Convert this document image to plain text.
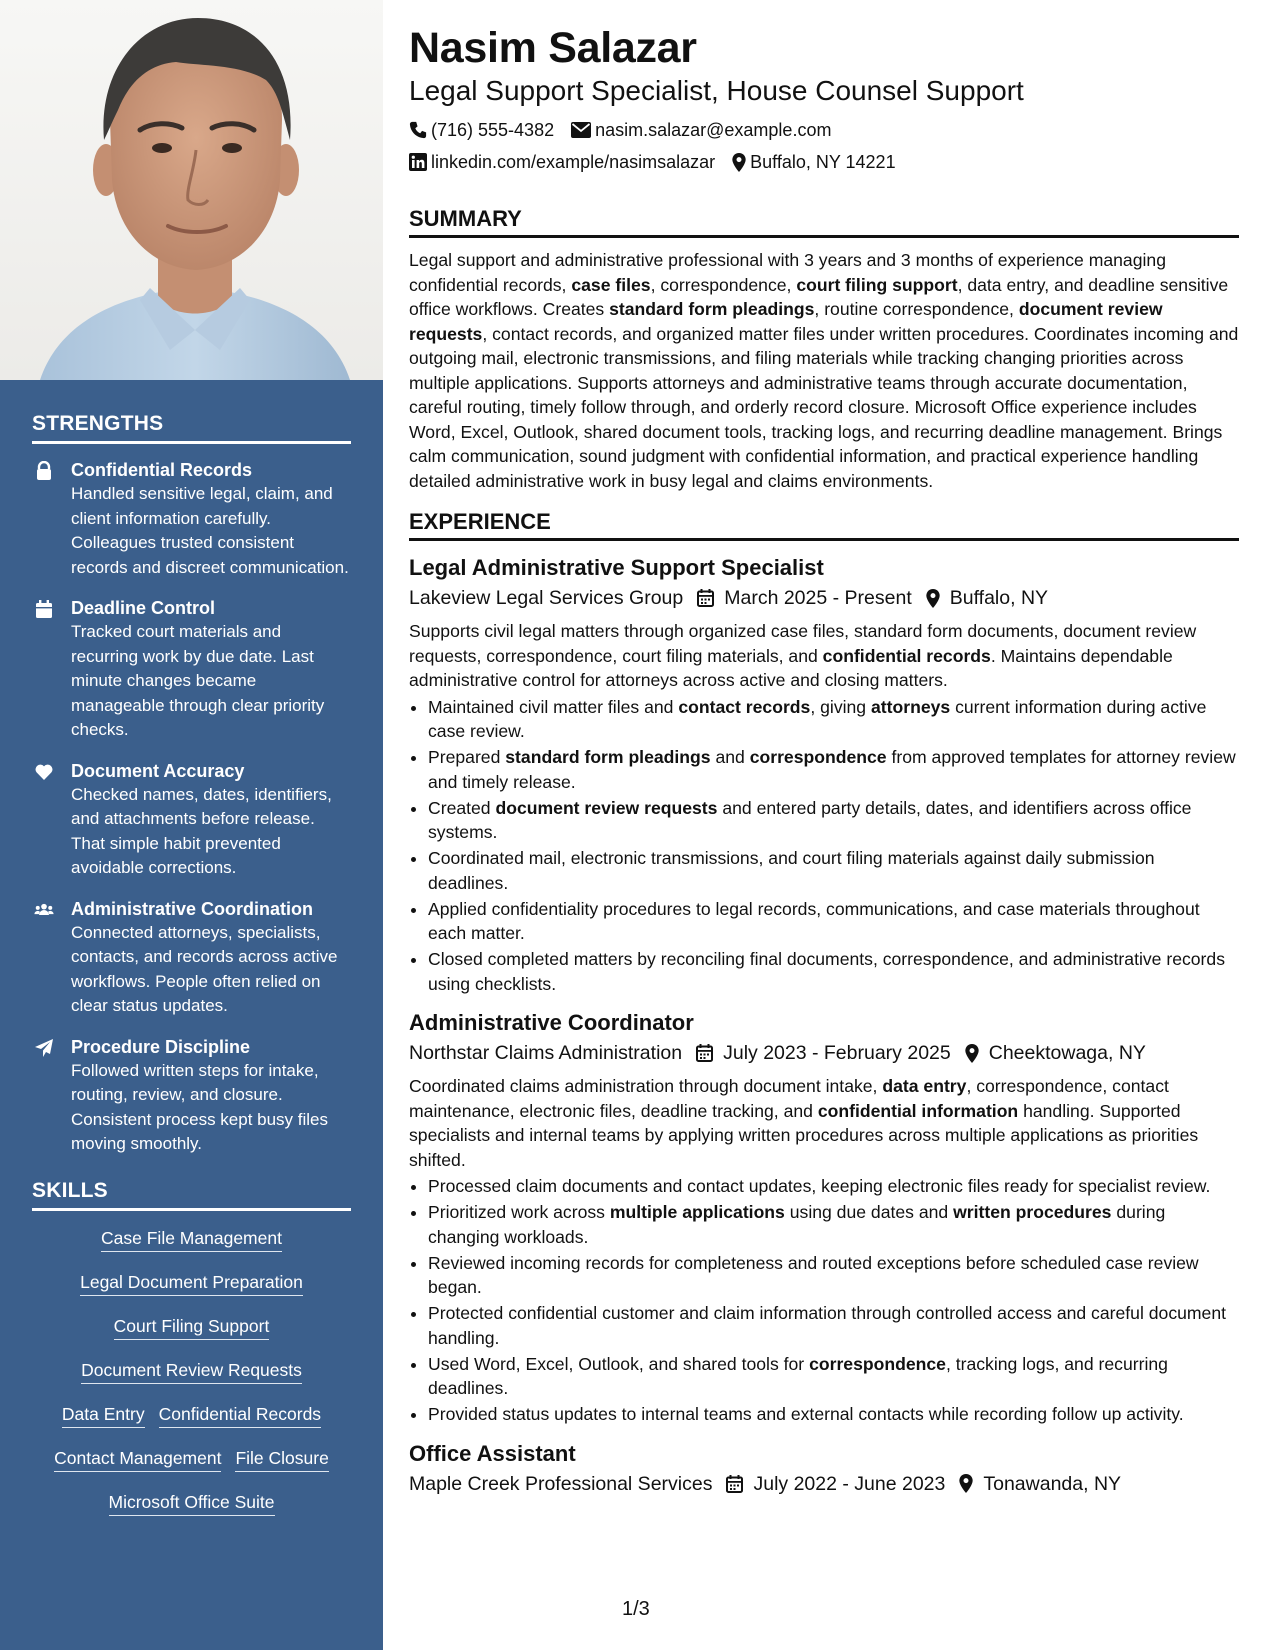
STRENGTHS
Confidential Records
Handled sensitive legal, claim, and client information carefully. Colleagues trusted consistent records and discreet communication.
Deadline Control
Tracked court materials and recurring work by due date. Last minute changes became manageable through clear priority checks.
Document Accuracy
Checked names, dates, identifiers, and attachments before release. That simple habit prevented avoidable corrections.
Administrative Coordination
Connected attorneys, specialists, contacts, and records across active workflows. People often relied on clear status updates.
Procedure Discipline
Followed written steps for intake, routing, review, and closure. Consistent process kept busy files moving smoothly.
SKILLS
Case File Management
Legal Document Preparation
Court Filing Support
Document Review Requests
Data Entry Confidential Records
Contact Management File Closure
Microsoft Office Suite
Nasim Salazar
Legal Support Specialist, House Counsel Support
(716) 555-4382 nasim.salazar@example.com
linkedin.com/example/nasimsalazar Buffalo, NY 14221
SUMMARY

Legal support and administrative professional with 3 years and 3 months of experience managing confidential records, case files, correspondence, court filing support, data entry, and deadline sensitive office workflows. Creates standard form pleadings, routine correspondence, document review requests, contact records, and organized matter files under written procedures. Coordinates incoming and outgoing mail, electronic transmissions, and filing materials while tracking changing priorities across multiple applications. Supports attorneys and administrative teams through accurate documentation, careful routing, timely follow through, and orderly record closure. Microsoft Office experience includes Word, Excel, Outlook, shared document tools, tracking logs, and recurring deadline management. Brings calm communication, sound judgment with confidential information, and practical experience handling detailed administrative work in busy legal and claims environments.

EXPERIENCE
Legal Administrative Support Specialist
Lakeview Legal Services Group March 2025 - Present Buffalo, NY

Supports civil legal matters through organized case files, standard form documents, document review requests, correspondence, court filing materials, and confidential records. Maintains dependable administrative control for attorneys across active and closing matters.

• Maintained civil matter files and contact records, giving attorneys current information during active case review.
• Prepared standard form pleadings and correspondence from approved templates for attorney review and timely release.
• Created document review requests and entered party details, dates, and identifiers across office systems.
• Coordinated mail, electronic transmissions, and court filing materials against daily submission deadlines.
• Applied confidentiality procedures to legal records, communications, and case materials throughout each matter.
• Closed completed matters by reconciling final documents, correspondence, and administrative records using checklists.
Administrative Coordinator
Northstar Claims Administration July 2023 - February 2025 Cheektowaga, NY

Coordinated claims administration through document intake, data entry, correspondence, contact maintenance, electronic files, deadline tracking, and confidential information handling. Supported specialists and internal teams by applying written procedures across multiple applications as priorities shifted.

• Processed claim documents and contact updates, keeping electronic files ready for specialist review.
• Prioritized work across multiple applications using due dates and written procedures during changing workloads.
• Reviewed incoming records for completeness and routed exceptions before scheduled case review began.
• Protected confidential customer and claim information through controlled access and careful document handling.
• Used Word, Excel, Outlook, and shared tools for correspondence, tracking logs, and recurring deadlines.
• Provided status updates to internal teams and external contacts while recording follow up activity.
Office Assistant
Maple Creek Professional Services July 2022 - June 2023 Tonawanda, NY
1/3
